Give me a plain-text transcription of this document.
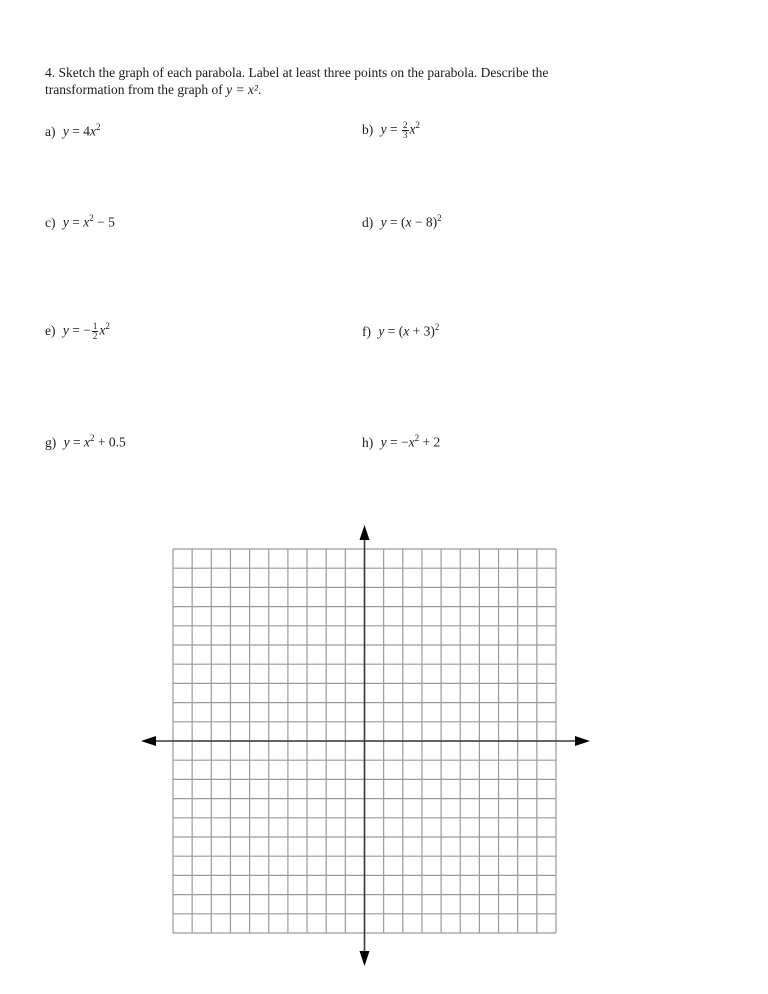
4. Sketch the graph of each parabola. Label at least three points on the parabola. Describe the
transformation from the graph of y = x².
a) $y = 4x^2$	b) $y = \frac{2}{3} x^2$
c) $y = x^2 - 5$	d) $y = (x - 8)^2$
e) y = − $\frac{1}{2} x^2$	f) $y = (x + 3)^2$
g) $y = x^2 + 0.5$	h) $y = -x^2 + 2$
